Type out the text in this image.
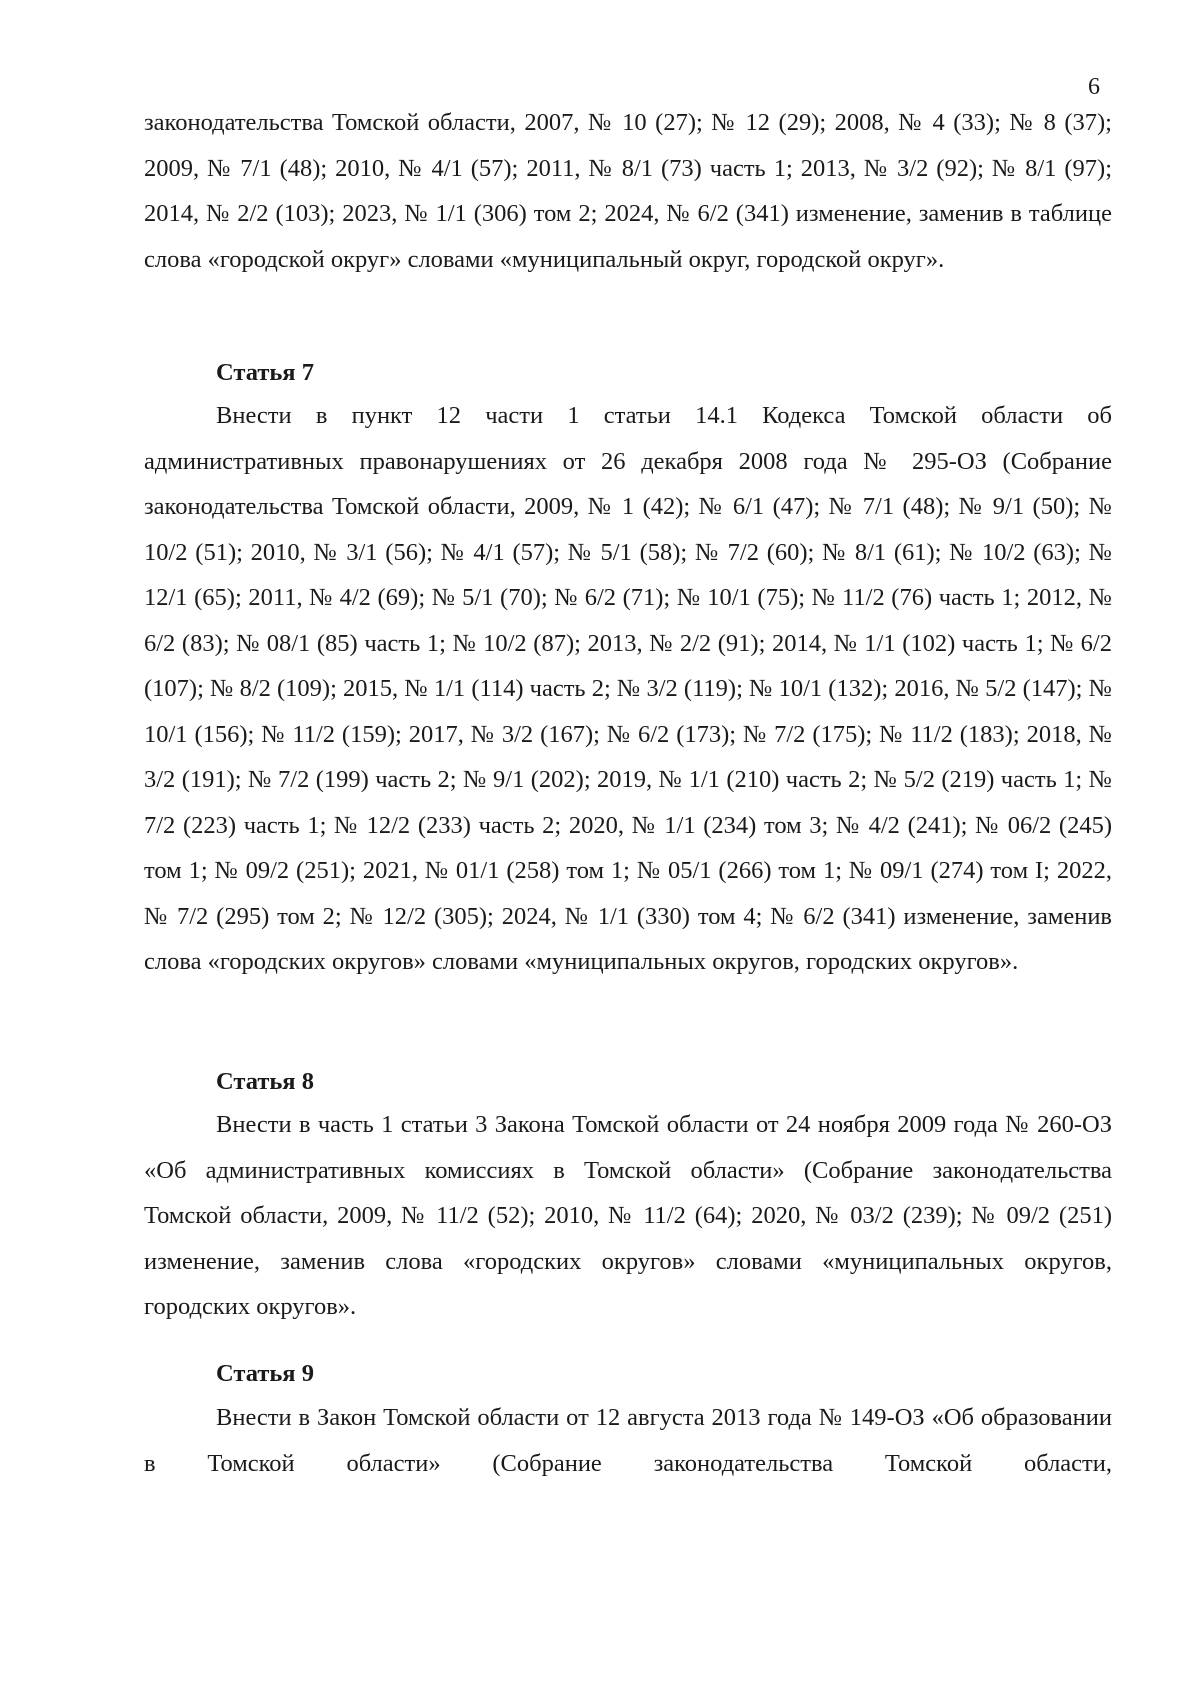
6

законодательства Томской области, 2007, № 10 (27); № 12 (29); 2008, № 4 (33); № 8 (37); 2009, № 7/1 (48); 2010, № 4/1 (57); 2011, № 8/1 (73) часть 1; 2013, № 3/2 (92); № 8/1 (97); 2014, № 2/2 (103); 2023, № 1/1 (306) том 2; 2024, № 6/2 (341) изменение, заменив в таблице слова «городской округ» словами «муниципальный округ, городской округ».

Статья 7

Внести в пункт 12 части 1 статьи 14.1 Кодекса Томской области об административных правонарушениях от 26 декабря 2008 года № 295-ОЗ (Собрание законодательства Томской области, 2009, № 1 (42); № 6/1 (47); № 7/1 (48); № 9/1 (50); № 10/2 (51); 2010, № 3/1 (56); № 4/1 (57); № 5/1 (58); № 7/2 (60); № 8/1 (61); № 10/2 (63); № 12/1 (65); 2011, № 4/2 (69); № 5/1 (70); № 6/2 (71); № 10/1 (75); № 11/2 (76) часть 1; 2012, № 6/2 (83); № 08/1 (85) часть 1; № 10/2 (87); 2013, № 2/2 (91); 2014, № 1/1 (102) часть 1; № 6/2 (107); № 8/2 (109); 2015, № 1/1 (114) часть 2; № 3/2 (119); № 10/1 (132); 2016, № 5/2 (147); № 10/1 (156); № 11/2 (159); 2017, № 3/2 (167); № 6/2 (173); № 7/2 (175); № 11/2 (183); 2018, № 3/2 (191); № 7/2 (199) часть 2; № 9/1 (202); 2019, № 1/1 (210) часть 2; № 5/2 (219) часть 1; № 7/2 (223) часть 1; № 12/2 (233) часть 2; 2020, № 1/1 (234) том 3; № 4/2 (241); № 06/2 (245) том 1; № 09/2 (251); 2021, № 01/1 (258) том 1; № 05/1 (266) том 1; № 09/1 (274) том I; 2022, № 7/2 (295) том 2; № 12/2 (305); 2024, № 1/1 (330) том 4; № 6/2 (341) изменение, заменив слова «городских округов» словами «муниципальных округов, городских округов».

Статья 8

Внести в часть 1 статьи 3 Закона Томской области от 24 ноября 2009 года № 260-ОЗ «Об административных комиссиях в Томской области» (Собрание законодательства Томской области, 2009, № 11/2 (52); 2010, № 11/2 (64); 2020, № 03/2 (239); № 09/2 (251) изменение, заменив слова «городских округов» словами «муниципальных округов, городских округов».

Статья 9

Внести в Закон Томской области от 12 августа 2013 года № 149-ОЗ «Об образовании в Томской области» (Собрание законодательства Томской области,
